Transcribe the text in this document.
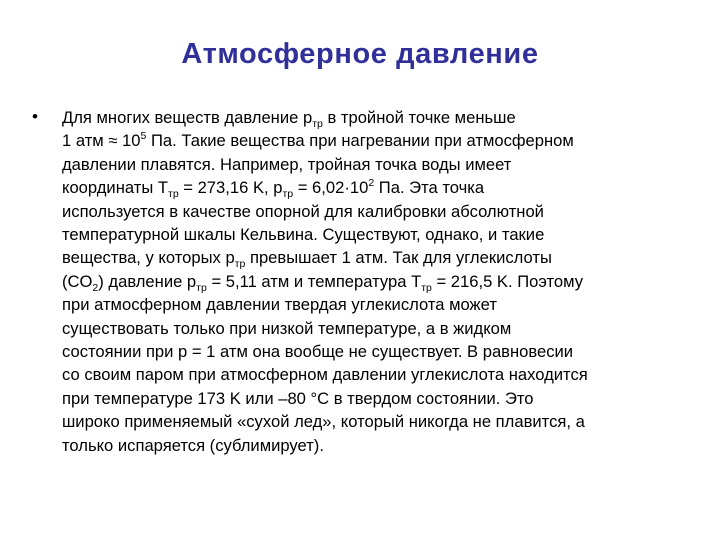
Атмосферное давление
• Для многих веществ давление $p_{тр}$ в тройной точке меньше
1 атм ≈ $10^5$ Па. Такие вещества при нагревании при атмосферном
давлении плавятся. Например, тройная точка воды имеет
координаты $T_{тр} = 273,16$ K, $p_{тр} = 6,02\cdot 10^2$ Па. Эта точка
используется в качестве опорной для калибровки абсолютной
температурной шкалы Кельвина. Существуют, однако, и такие
вещества, у которых $p_{тр}$ превышает 1 атм. Так для углекислоты
$(CO_2)$ давление $p_{тр} = 5,11$ атм и температура $T_{тр} = 216,5$ K. Поэтому
при атмосферном давлении твердая углекислота может
существовать только при низкой температуре, а в жидком
состоянии при p = 1 атм она вообще не существует. В равновесии
со своим паром при атмосферном давлении углекислота находится
при температуре 173 K или –80 °C в твердом состоянии. Это
широко применяемый «сухой лед», который никогда не плавится, а
только испаряется (сублимирует).
